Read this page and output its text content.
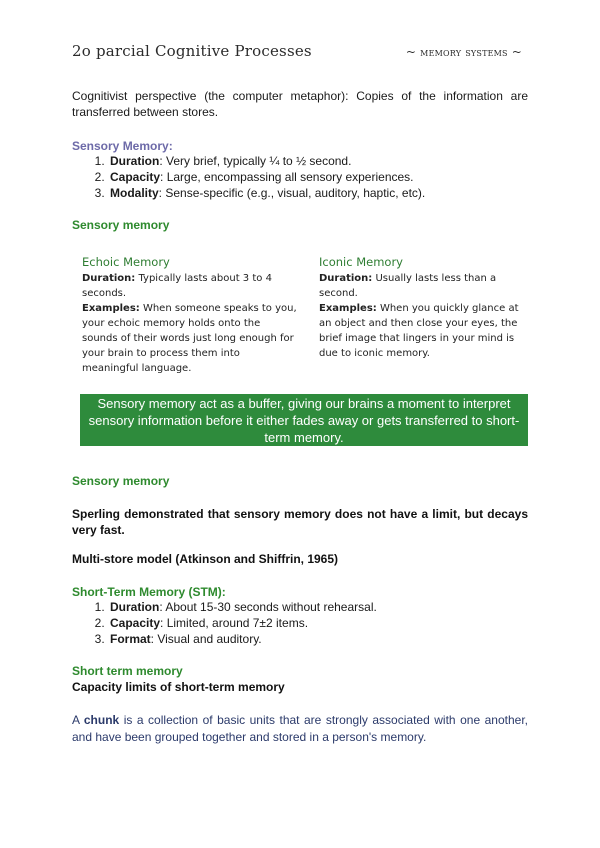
2o parcial Cognitive Processes	~ memory systems ~
Cognitivist perspective (the computer metaphor): Copies of the information are transferred between stores.
Sensory Memory:
1. Duration: Very brief, typically ¼ to ½ second.
2. Capacity: Large, encompassing all sensory experiences.
3. Modality: Sense-specific (e.g., visual, auditory, haptic, etc).
Sensory memory
Echoic Memory
Duration: Typically lasts about 3 to 4 seconds.
Examples: When someone speaks to you, your echoic memory holds onto the sounds of their words just long enough for your brain to process them into meaningful language.
Iconic Memory
Duration: Usually lasts less than a second.
Examples: When you quickly glance at an object and then close your eyes, the brief image that lingers in your mind is due to iconic memory.
Sensory memory act as a buffer, giving our brains a moment to interpret sensory information before it either fades away or gets transferred to short-term memory.
Sensory memory
Sperling demonstrated that sensory memory does not have a limit, but decays very fast.
Multi-store model (Atkinson and Shiffrin, 1965)
Short-Term Memory (STM):
1. Duration: About 15-30 seconds without rehearsal.
2. Capacity: Limited, around 7±2 items.
3. Format: Visual and auditory.
Short term memory
Capacity limits of short-term memory
A chunk is a collection of basic units that are strongly associated with one another, and have been grouped together and stored in a person's memory.
